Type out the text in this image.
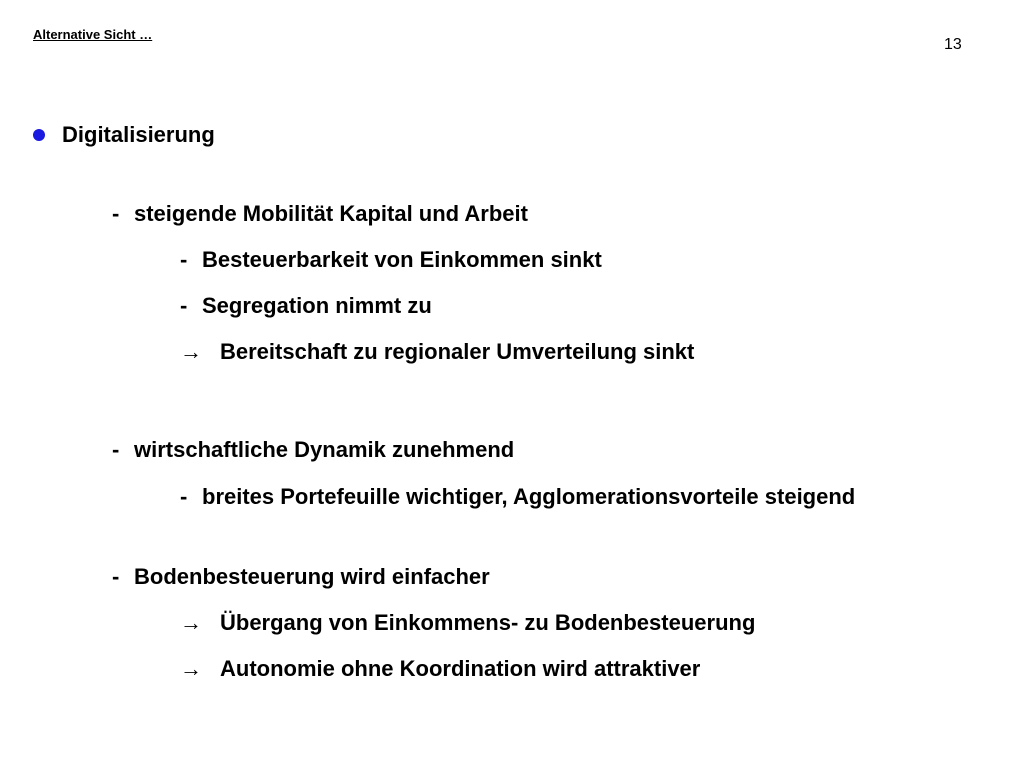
Alternative Sicht …
13
Digitalisierung
- steigende Mobilität Kapital und Arbeit
- Besteuerbarkeit von Einkommen sinkt
- Segregation nimmt zu
→ Bereitschaft zu regionaler Umverteilung sinkt
- wirtschaftliche Dynamik zunehmend
- breites Portefeuille wichtiger, Agglomerationsvorteile steigend
- Bodenbesteuerung wird einfacher
→ Übergang von Einkommens- zu Bodenbesteuerung
→ Autonomie ohne Koordination wird attraktiver
